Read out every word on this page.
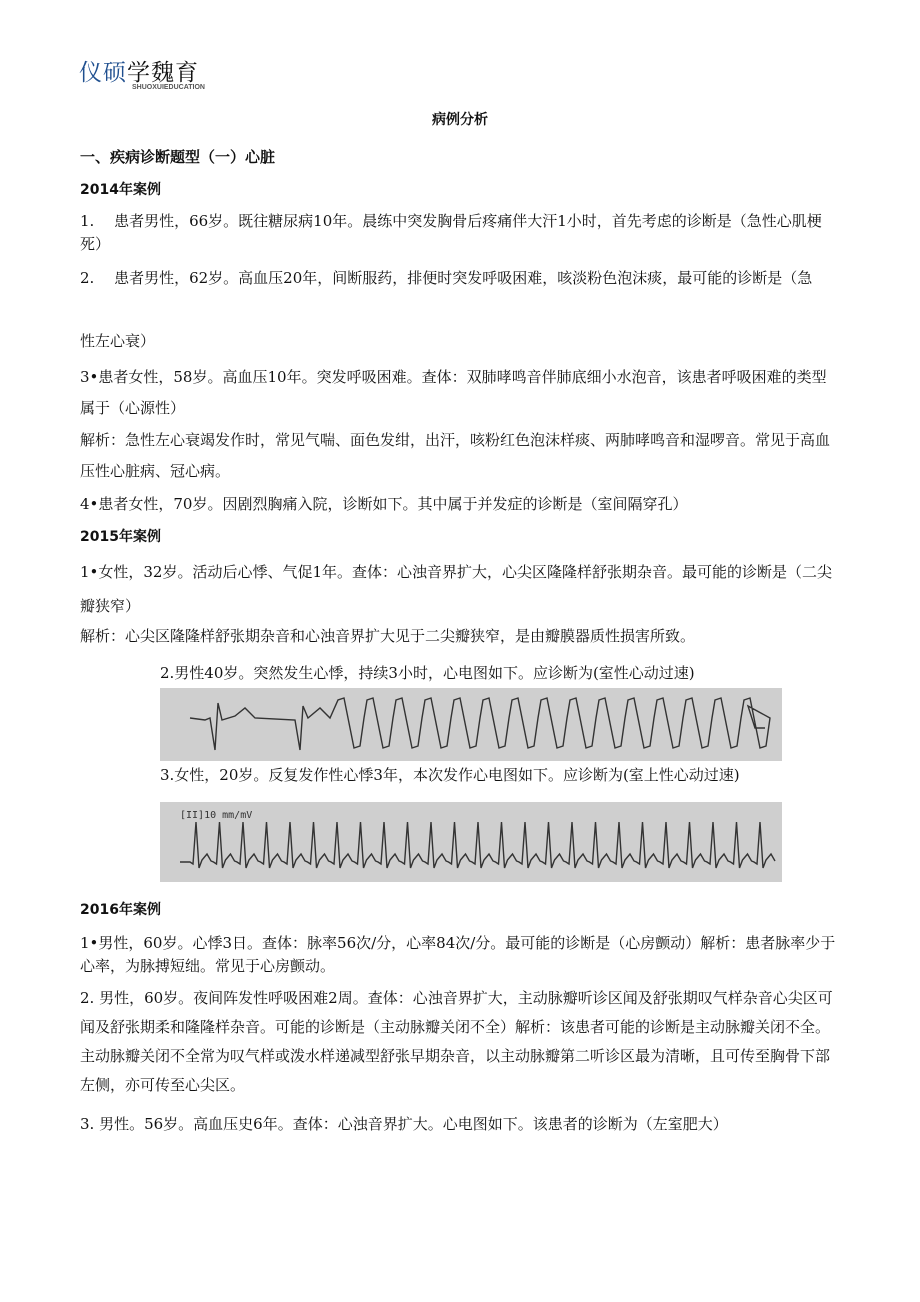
仪硕学魏育
SHUOXUIEDUCATION
病例分析
一、疾病诊断题型（一）心脏
2014年案例
1.　 患者男性，66岁。既往糖尿病10年。晨练中突发胸骨后疼痛伴大汗1小时，首先考虑的诊断是（急性心肌梗死）
2.　 患者男性，62岁。高血压20年，间断服药，排便时突发呼吸困难，咳淡粉色泡沫痰，最可能的诊断是（急
性左心衰）
3•患者女性，58岁。高血压10年。突发呼吸困难。查体：双肺哮鸣音伴肺底细小水泡音，该患者呼吸困难的类型属于（心源性）
解析：急性左心衰竭发作时，常见气喘、面色发绀，出汗，咳粉红色泡沫样痰、两肺哮鸣音和湿啰音。常见于高血压性心脏病、冠心病。
4•患者女性，70岁。因剧烈胸痛入院，诊断如下。其中属于并发症的诊断是（室间隔穿孔）
2015年案例
1•女性，32岁。活动后心悸、气促1年。查体：心浊音界扩大，心尖区隆隆样舒张期杂音。最可能的诊断是（二尖瓣狭窄）
解析：心尖区隆隆样舒张期杂音和心浊音界扩大见于二尖瓣狭窄，是由瓣膜器质性损害所致。
2.男性40岁。突然发生心悸，持续3小时，心电图如下。应诊断为(室性心动过速)
3.女性，20岁。反复发作性心悸3年，本次发作心电图如下。应诊断为(室上性心动过速)
[II]10 mm/mV
2016年案例
1•男性，60岁。心悸3日。查体：脉率56次/分，心率84次/分。最可能的诊断是（心房颤动）解析：患者脉率少于心率，为脉搏短绌。常见于心房颤动。
2. 男性，60岁。夜间阵发性呼吸困难2周。查体：心浊音界扩大，主动脉瓣听诊区闻及舒张期叹气样杂音心尖区可闻及舒张期柔和隆隆样杂音。可能的诊断是（主动脉瓣关闭不全）解析：该患者可能的诊断是主动脉瓣关闭不全。主动脉瓣关闭不全常为叹气样或泼水样递减型舒张早期杂音，以主动脉瓣第二听诊区最为清晰，且可传至胸骨下部左侧，亦可传至心尖区。
3. 男性。56岁。高血压史6年。查体：心浊音界扩大。心电图如下。该患者的诊断为（左室肥大）
